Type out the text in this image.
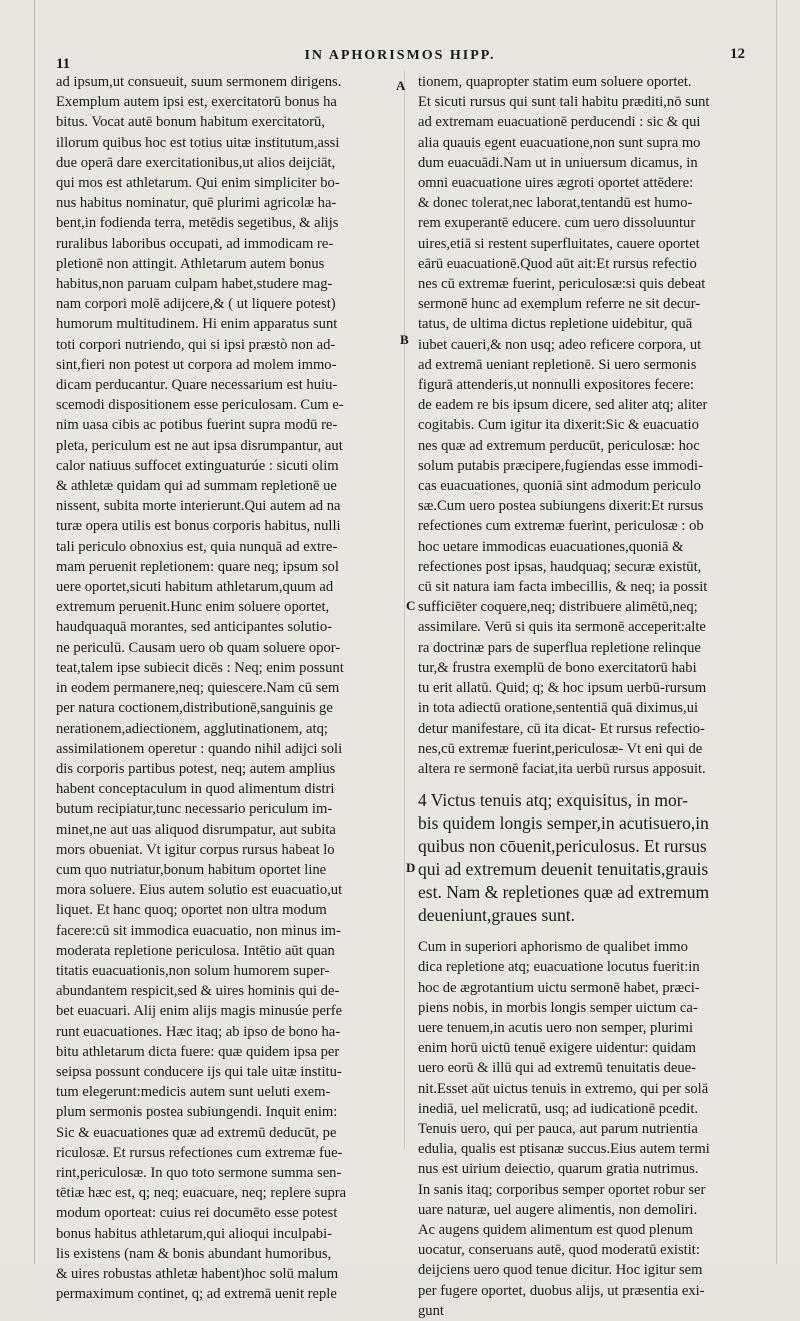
IN APHORISMOS HIPP.
11
12
A
B
C
D
ad ipsum,ut consueuit, suum sermonem dirigens.
Exemplum autem ipsi est, exercitatorū bonus ha
bitus. Vocat autē bonum habitum exercitatorū,
illorum quibus hoc est totius uitæ institutum,assi
due operā dare exercitationibus,ut alios deijciāt,
qui mos est athletarum. Qui enim simpliciter bo-
nus habitus nominatur, quē plurimi agricolæ ha-
bent,in fodienda terra, metēdis segetibus, & alijs
ruralibus laboribus occupati, ad immodicam re-
pletionē non attingit. Athletarum autem bonus
habitus,non paruam culpam habet,studere mag-
nam corpori molē adijcere,& ( ut liquere potest)
humorum multitudinem. Hi enim apparatus sunt
toti corpori nutriendo, qui si ipsi præstò non ad-
sint,fieri non potest ut corpora ad molem immo-
dicam perducantur. Quare necessarium est huiu-
scemodi dispositionem esse periculosam. Cum e-
nim uasa cibis ac potibus fuerint supra modū re-
pleta, periculum est ne aut ipsa disrumpantur, aut
calor natiuus suffocet extinguaturúe : sicuti olim
& athletæ quidam qui ad summam repletionē ue
nissent, subita morte interierunt.Qui autem ad na
turæ opera utilis est bonus corporis habitus, nulli
tali periculo obnoxius est, quia nunquā ad extre-
mam peruenit repletionem: quare neq; ipsum sol
uere oportet,sicuti habitum athletarum,quum ad
extremum peruenit.Hunc enim soluere oportet,
haudquaquā morantes, sed anticipantes solutio-
ne periculū. Causam uero ob quam soluere opor-
teat,talem ipse subiecit dicēs : Neq; enim possunt
in eodem permanere,neq; quiescere.Nam cū sem
per natura coctionem,distributionē,sanguinis ge
nerationem,adiectionem, agglutinationem, atq;
assimilationem operetur : quando nihil adijci soli
dis corporis partibus potest, neq; autem amplius
habent conceptaculum in quod alimentum distri
butum recipiatur,tunc necessario periculum im-
minet,ne aut uas aliquod disrumpatur, aut subita
mors obueniat. Vt igitur corpus rursus habeat lo
cum quo nutriatur,bonum habitum oportet line
mora soluere. Eius autem solutio est euacuatio,ut
liquet. Et hanc quoq; oportet non ultra modum
facere:cū sit immodica euacuatio, non minus im-
moderata repletione periculosa. Intētio aūt quan
titatis euacuationis,non solum humorem super-
abundantem respicit,sed & uires hominis qui de-
bet euacuari. Alij enim alijs magis minusúe perfe
runt euacuationes. Hæc itaq; ab ipso de bono ha-
bitu athletarum dicta fuere: quæ quidem ipsa per
seipsa possunt conducere ijs qui tale uitæ institu-
tum elegerunt:medicis autem sunt ueluti exem-
plum sermonis postea subiungendi. Inquit enim:
Sic & euacuationes quæ ad extremū deducūt, pe
riculosæ. Et rursus refectiones cum extremæ fue-
rint,periculosæ. In quo toto sermone summa sen-
tētiæ hæc est, q; neq; euacuare, neq; replere supra
modum oporteat: cuius rei documēto esse potest
bonus habitus athletarum,qui alioqui inculpabi-
lis existens (nam & bonis abundant humoribus,
& uires robustas athletæ habent)hoc solū malum
permaximum continet, q; ad extremā uenit reple
tionem, quapropter statim eum soluere oportet.
Et sicuti rursus qui sunt tali habitu præditi,nō sunt
ad extremam euacuationē perducendi : sic & qui
alia quauis egent euacuatione,non sunt supra mo
dum euacuādi.Nam ut in uniuersum dicamus, in
omni euacuatione uires ægroti oportet attēdere:
& donec tolerat,nec laborat,tentandū est humo-
rem exuperantē educere. cum uero dissoluuntur
uires,etiā si restent superfluitates, cauere oportet
eārū euacuationē.Quod aūt ait:Et rursus refectio
nes cū extremæ fuerint, periculosæ:si quis debeat
sermonē hunc ad exemplum referre ne sit decur-
tatus, de ultima dictus repletione uidebitur, quā
iubet caueri,& non usq; adeo reficere corpora, ut
ad extremā ueniant repletionē. Si uero sermonis
figurā attenderis,ut nonnulli expositores fecere:
de eadem re bis ipsum dicere, sed aliter atq; aliter
cogitabis. Cum igitur ita dixerit:Sic & euacuatio
nes quæ ad extremum perducūt, periculosæ: hoc
solum putabis præcipere,fugiendas esse immodi-
cas euacuationes, quoniā sint admodum periculo
sæ.Cum uero postea subiungens dixerit:Et rursus
refectiones cum extremæ fuerint, periculosæ : ob
hoc uetare immodicas euacuationes,quoniā &
refectiones post ipsas, haudquaq; securæ existūt,
cū sit natura iam facta imbecillis, & neq; ia possit
sufficiēter coquere,neq; distribuere alimētū,neq;
assimilare. Verū si quis ita sermonē acceperit:alte
ra doctrinæ pars de superflua repletione relinque
tur,& frustra exemplū de bono exercitatorū habi
tu erit allatū. Quid; q; & hoc ipsum uerbū-rursum
in tota adiectū oratione,sententiā quā diximus,ui
detur manifestare, cū ita dicat- Et rursus refectio-
nes,cū extremæ fuerint,periculosæ- Vt eni qui de
altera re sermonē faciat,ita uerbū rursus apposuit.
4 Victus tenuis atq; exquisitus, in mor-
bis quidem longis semper,in acutisuero,in
quibus non cōuenit,periculosus. Et rursus
qui ad extremum deuenit tenuitatis,grauis
est. Nam & repletiones quæ ad extremum
deueniunt,graues sunt.
Cum in superiori aphorismo de qualibet immo
dica repletione atq; euacuatione locutus fuerit:in
hoc de ægrotantium uictu sermonē habet, præci-
piens nobis, in morbis longis semper uictum ca-
uere tenuem,in acutis uero non semper, plurimi
enim horū uictū tenuē exigere uidentur: quidam
uero eorū & illū qui ad extremū tenuitatis deue-
nit.Esset aūt uictus tenuis in extremo, qui per solā
inediā, uel melicratū, usq; ad iudicationē pcedit.
Tenuis uero, qui per pauca, aut parum nutrientia
edulia, qualis est ptisanæ succus.Eius autem termi
nus est uirium deiectio, quarum gratia nutrimus.
In sanis itaq; corporibus semper oportet robur ser
uare naturæ, uel augere alimentis, non demoliri.
Ac augens quidem alimentum est quod plenum
uocatur, conseruans autē, quod moderatū existit:
deijciens uero quod tenue dicitur. Hoc igitur sem
per fugere oportet, duobus alijs, ut præsentia exi-
gunt
